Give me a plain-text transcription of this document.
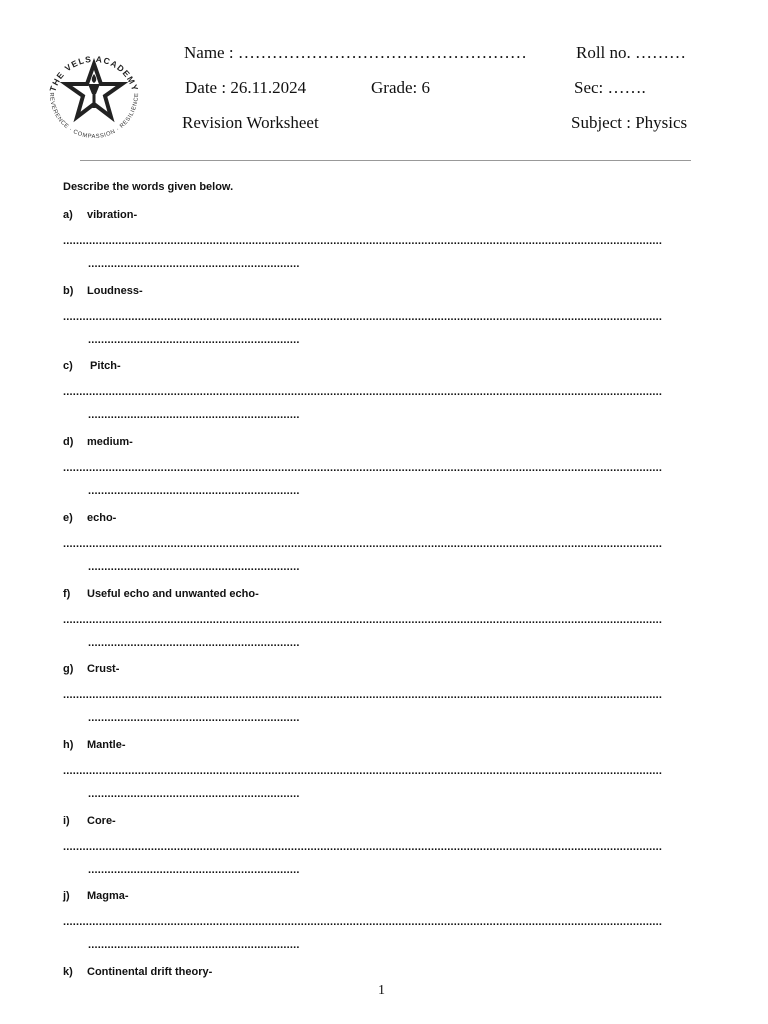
THE VELS ACADEMY
REVERENCE · COMPASSION · RESILIENCE
Name : ……………………………………………	Roll no. ………
Date : 26.11.2024	Grade: 6	Sec: …….
Revision Worksheet	Subject : Physics
Describe the words given below.
a) vibration-
........................................................................................................................................................................................
.................................................................
b) Loudness-
........................................................................................................................................................................................
.................................................................
c) Pitch-
........................................................................................................................................................................................
.................................................................
d) medium-
........................................................................................................................................................................................
.................................................................
e) echo-
........................................................................................................................................................................................
.................................................................
f) Useful echo and unwanted echo-
........................................................................................................................................................................................
.................................................................
g) Crust-
........................................................................................................................................................................................
.................................................................
h) Mantle-
........................................................................................................................................................................................
.................................................................
i) Core-
........................................................................................................................................................................................
.................................................................
j) Magma-
........................................................................................................................................................................................
.................................................................
k) Continental drift theory-
1
